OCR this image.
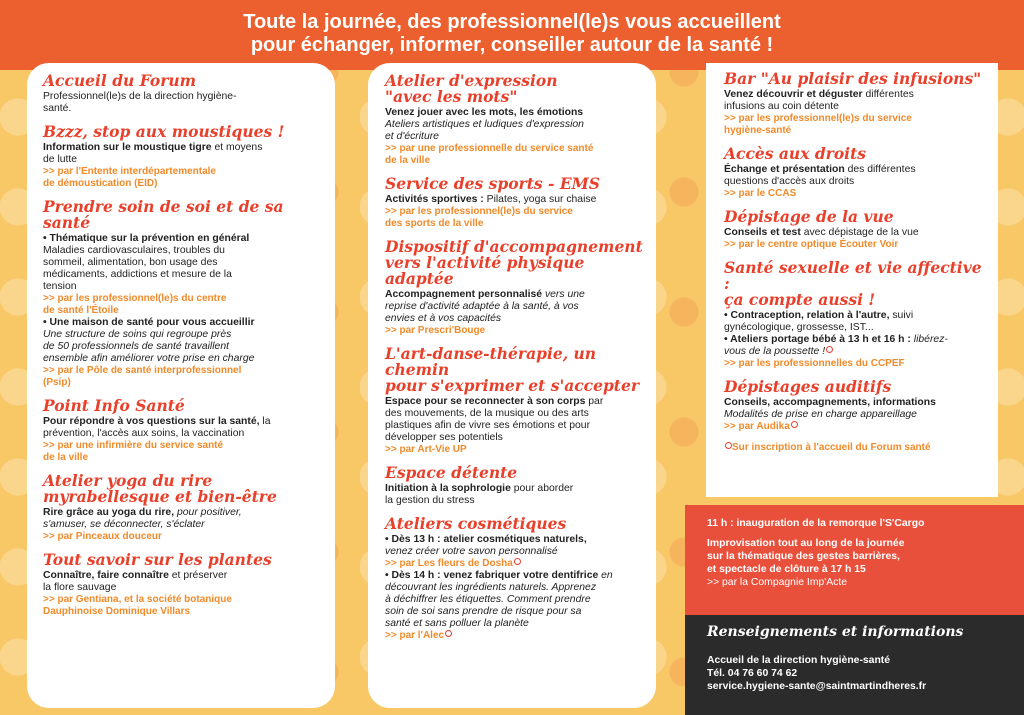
Toute la journée, des professionnel(le)s vous accueillent
pour échanger, informer, conseiller autour de la santé !
Accueil du Forum
Professionnel(le)s de la direction hygiène-
santé.
Bzzz, stop aux moustiques !
Information sur le moustique tigre et moyens
de lutte
>> par l'Entente interdépartementale
de démoustication (EID)
Prendre soin de soi et de sa santé
• Thématique sur la prévention en général
Maladies cardiovasculaires, troubles du
sommeil, alimentation, bon usage des
médicaments, addictions et mesure de la
tension
>> par les professionnel(le)s du centre
de santé l'Étoile
• Une maison de santé pour vous accueillir
Une structure de soins qui regroupe près
de 50 professionnels de santé travaillent
ensemble afin améliorer votre prise en charge
>> par le Pôle de santé interprofessionnel
(Psip)
Point Info Santé
Pour répondre à vos questions sur la santé, la
prévention, l'accès aux soins, la vaccination
>> par une infirmière du service santé
de la ville
Atelier yoga du rire
myrabellesque et bien-être
Rire grâce au yoga du rire, pour positiver,
s'amuser, se déconnecter, s'éclater
>> par Pinceaux douceur
Tout savoir sur les plantes
Connaître, faire connaître et préserver
la flore sauvage
>> par Gentiana, et la société botanique
Dauphinoise Dominique Villars
Atelier d'expression
"avec les mots"
Venez jouer avec les mots, les émotions
Ateliers artistiques et ludiques d'expression
et d'écriture
>> par une professionnelle du service santé
de la ville
Service des sports - EMS
Activités sportives : Pilates, yoga sur chaise
>> par les professionnel(le)s du service
des sports de la ville
Dispositif d'accompagnement
vers l'activité physique adaptée
Accompagnement personnalisé vers une
reprise d'activité adaptée à la santé, à vos
envies et à vos capacités
>> par Prescri'Bouge
L'art-danse-thérapie, un chemin
pour s'exprimer et s'accepter
Espace pour se reconnecter à son corps par
des mouvements, de la musique ou des arts
plastiques afin de vivre ses émotions et pour
développer ses potentiels
>> par Art-Vie UP
Espace détente
Initiation à la sophrologie pour aborder
la gestion du stress
Ateliers cosmétiques
• Dès 13 h : atelier cosmétiques naturels,
venez créer votre savon personnalisé
>> par Les fleurs de Dosha
• Dès 14 h : venez fabriquer votre dentifrice en
découvrant les ingrédients naturels. Apprenez
à déchiffrer les étiquettes. Comment prendre
soin de soi sans prendre de risque pour sa
santé et sans polluer la planète
>> par l'Alec
Bar "Au plaisir des infusions"
Venez découvrir et déguster différentes
infusions au coin détente
>> par les professionnel(le)s du service
hygiène-santé
Accès aux droits
Échange et présentation des différentes
questions d'accès aux droits
>> par le CCAS
Dépistage de la vue
Conseils et test avec dépistage de la vue
>> par le centre optique Écouter Voir
Santé sexuelle et vie affective :
ça compte aussi !
• Contraception, relation à l'autre, suivi
gynécologique, grossesse, IST...
• Ateliers portage bébé à 13 h et 16 h : libérez-
vous de la poussette !
>> par les professionnelles du CCPEF
Dépistages auditifs
Conseils, accompagnements, informations
Modalités de prise en charge appareillage
>> par Audika
Sur inscription à l'accueil du Forum santé
11 h : inauguration de la remorque l'S'Cargo
Improvisation tout au long de la journée
sur la thématique des gestes barrières,
et spectacle de clôture à 17 h 15
>> par la Compagnie Imp'Acte
Renseignements et informations
Accueil de la direction hygiène-santé
Tél. 04 76 60 74 62
service.hygiene-sante@saintmartindheres.fr
